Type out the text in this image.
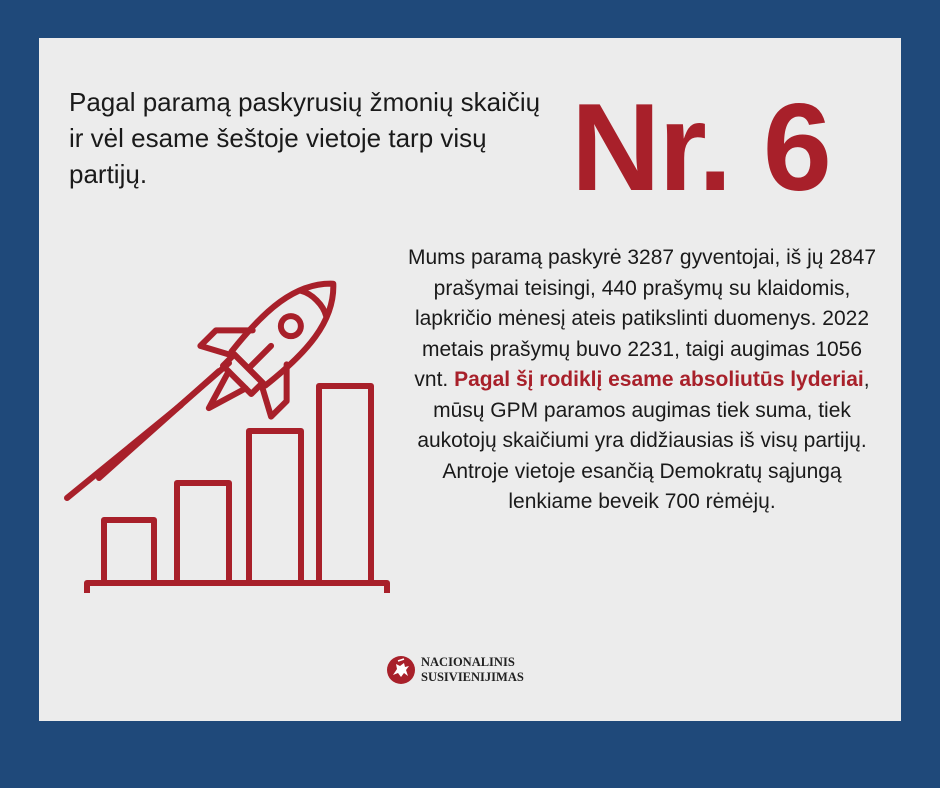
Pagal paramą paskyrusių žmonių skaičių ir vėl esame šeštoje vietoje tarp visų partijų.	Nr. 6

Mums paramą paskyrė 3287 gyventojai, iš jų 2847 prašymai teisingi, 440 prašymų su klaidomis, lapkričio mėnesį ateis patikslinti duomenys. 2022 metais prašymų buvo 2231, taigi augimas 1056 vnt. Pagal šį rodiklį esame absoliutūs lyderiai, mūsų GPM paramos augimas tiek suma, tiek aukotojų skaičiumi yra didžiausias iš visų partijų. Antroje vietoje esančią Demokratų sąjungą lenkiame beveik 700 rėmėjų.

NACIONALINIS
SUSIVIENIJIMAS
